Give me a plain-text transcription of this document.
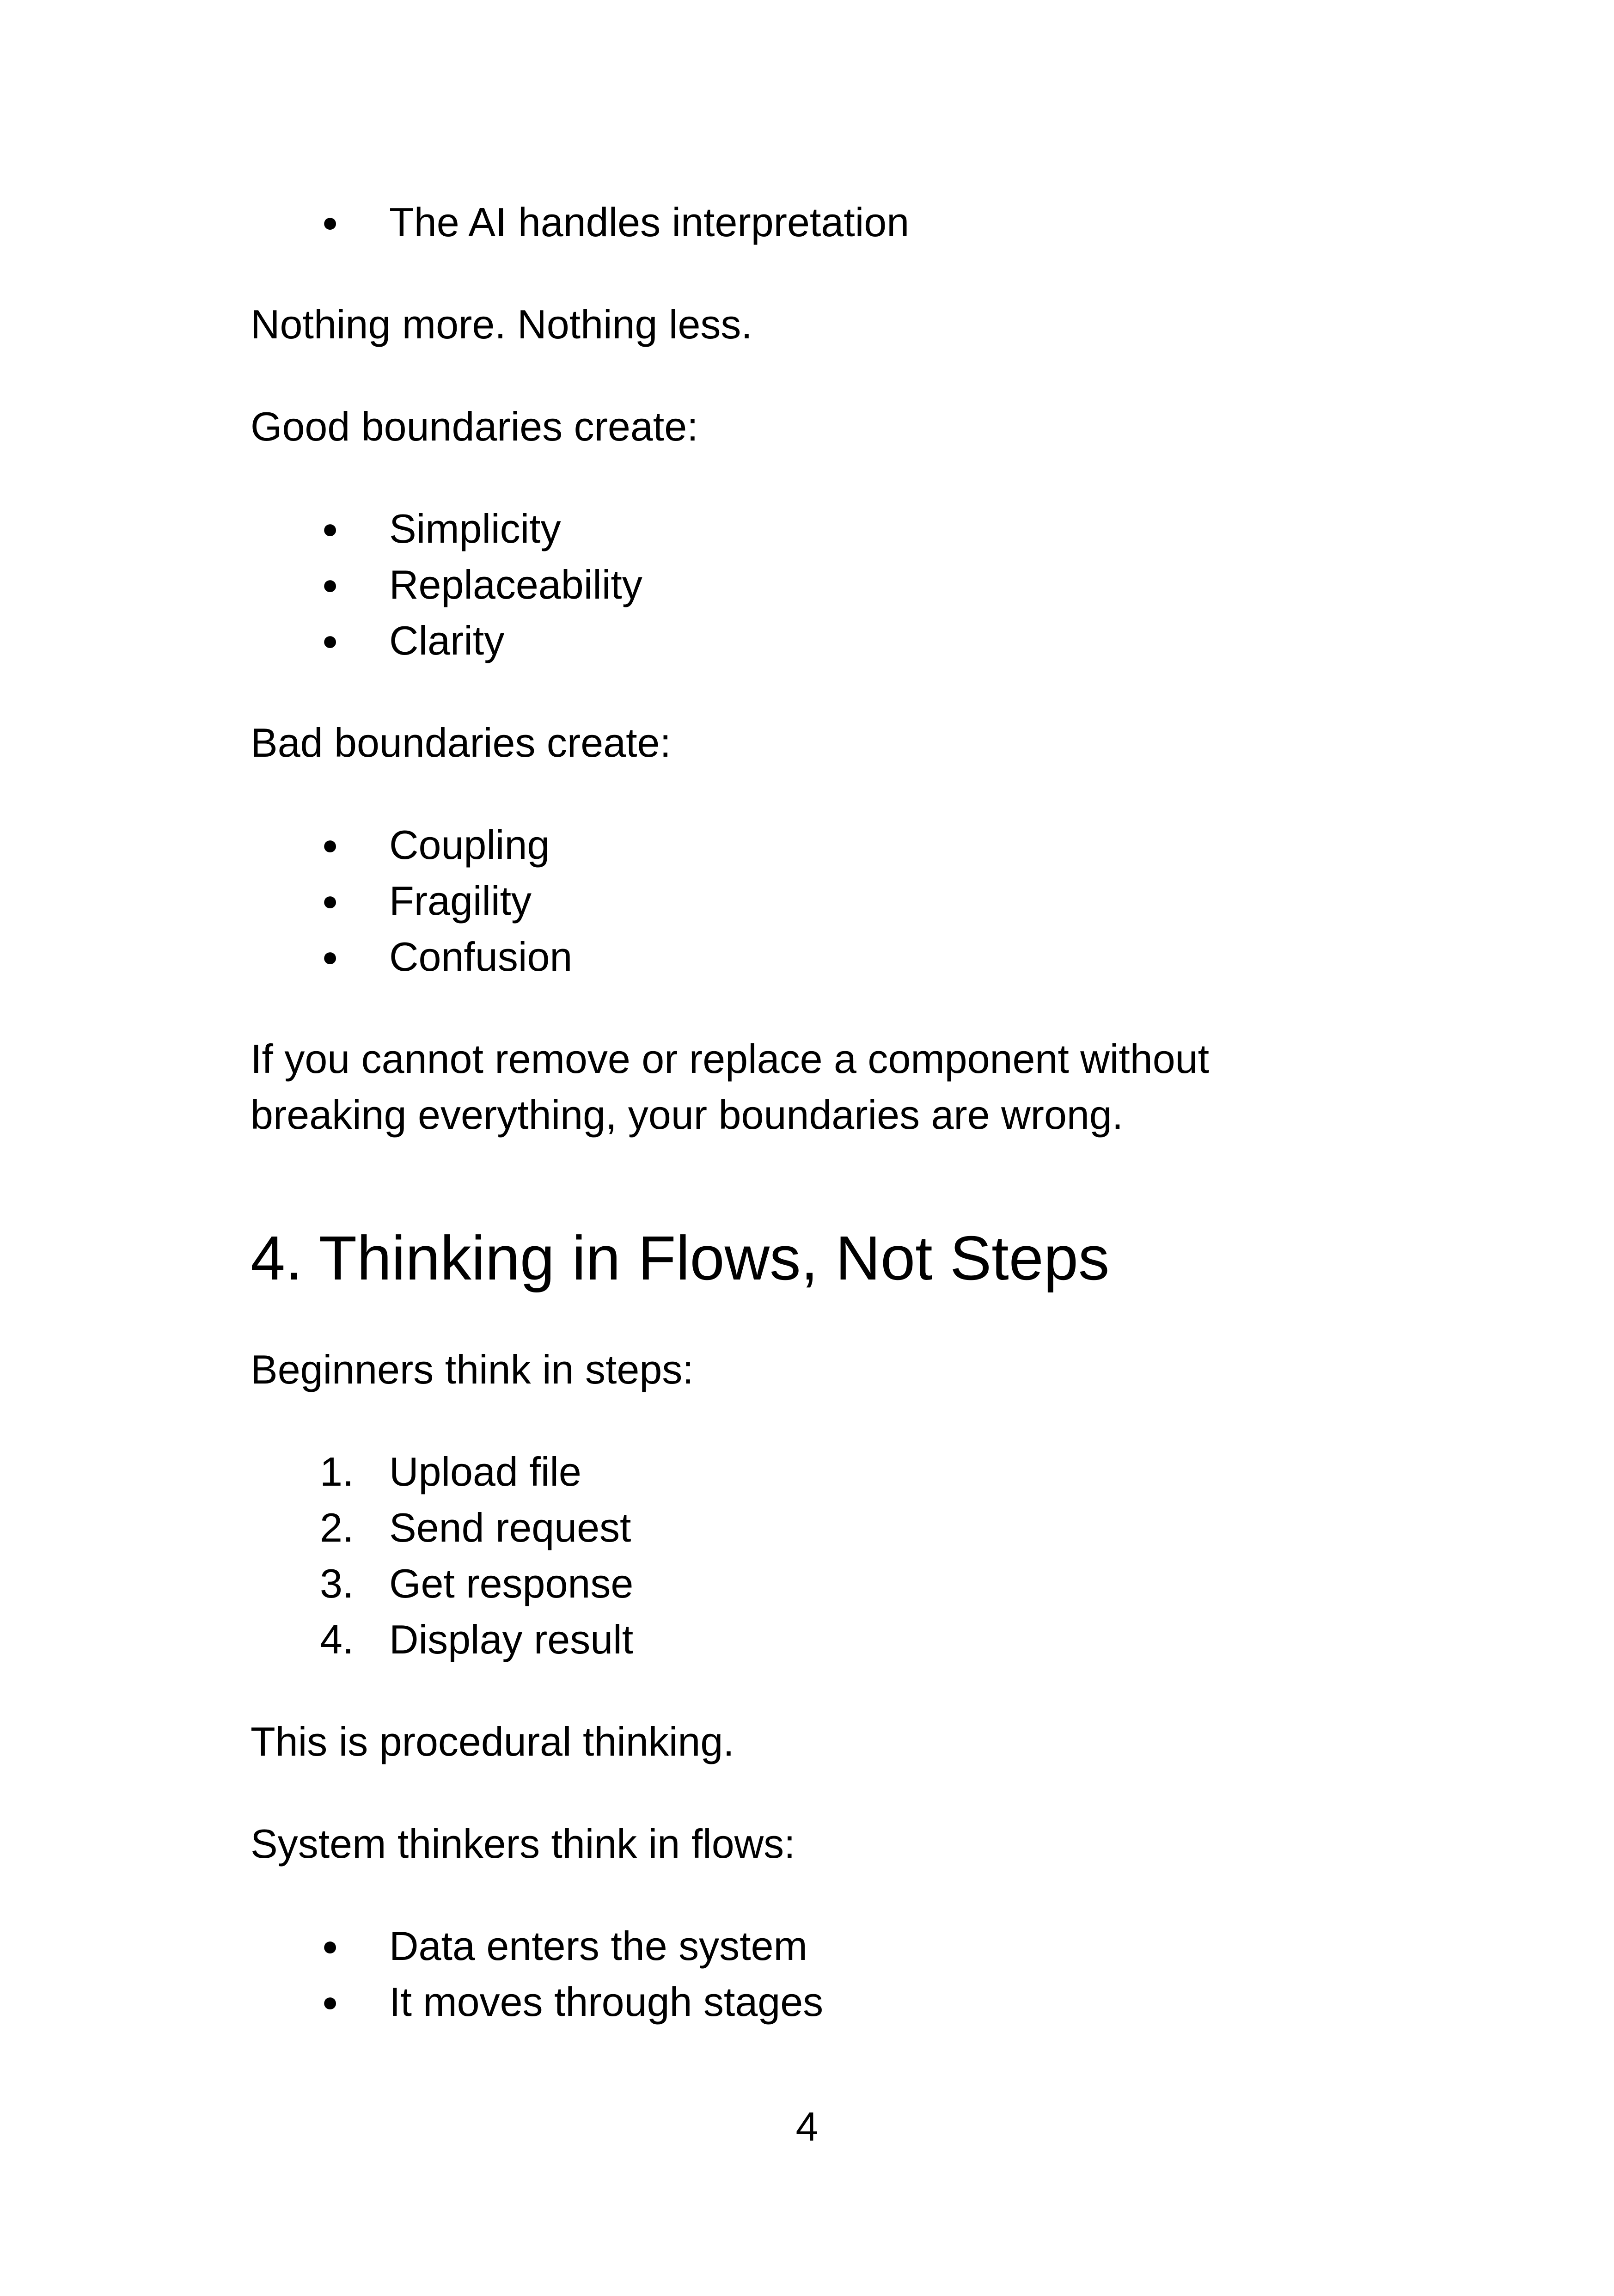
● The AI handles interpretation

Nothing more. Nothing less.

Good boundaries create:

● Simplicity
● Replaceability
● Clarity

Bad boundaries create:

● Coupling
● Fragility
● Confusion

If you cannot remove or replace a component without

breaking everything, your boundaries are wrong.

4. Thinking in Flows, Not Steps

Beginners think in steps:

1. Upload file
2. Send request
3. Get response
4. Display result

This is procedural thinking.

System thinkers think in flows:

● Data enters the system
● It moves through stages
4
